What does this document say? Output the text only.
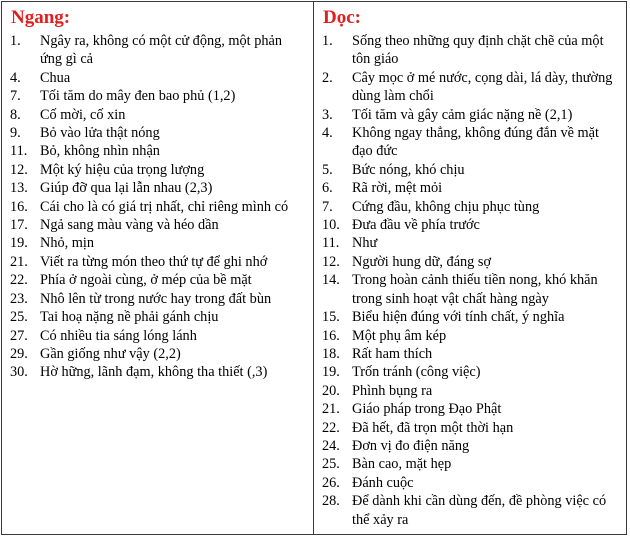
Ngang:
1.	Ngây ra, không có một cử động, một phản ứng gì cả
4.	Chua
7.	Tối tăm do mây đen bao phủ (1,2)
8.	Cố mời, cố xin
9.	Bỏ vào lửa thật nóng
11. Bỏ, không nhìn nhận
12. Một ký hiệu của trọng lượng
13. Giúp đỡ qua lại lẫn nhau (2,3)
16. Cái cho là có giá trị nhất, chỉ riêng mình có
17. Ngả sang màu vàng và héo dần
19. Nhỏ, mịn
21. Viết ra từng món theo thứ tự để ghi nhớ
22. Phía ở ngoài cùng, ở mép của bề mặt
23. Nhô lên từ trong nước hay trong đất bùn
25. Tai hoạ nặng nề phải gánh chịu
27. Có nhiều tia sáng lóng lánh
29. Gần giống như vậy (2,2)
30. Hờ hững, lãnh đạm, không tha thiết (,3)
Dọc:
1.	Sống theo những quy định chặt chẽ của một tôn giáo
2.	Cây mọc ở mé nước, cọng dài, lá dày, thường dùng làm chổi
3.	Tối tăm và gây cảm giác nặng nề (2,1)
4.	Không ngay thẳng, không đúng đắn về mặt đạo đức
5.	Bức nóng, khó chịu
6.	Rã rời, mệt mỏi
7.	Cứng đầu, không chịu phục tùng
10. Đưa đầu về phía trước
11. Như
12. Người hung dữ, đáng sợ
14. Trong hoàn cảnh thiếu tiền nong, khó khăn trong sinh hoạt vật chất hàng ngày
15. Biểu hiện đúng với tính chất, ý nghĩa
16. Một phụ âm kép
18. Rất ham thích
19. Trốn tránh (công việc)
20. Phình bụng ra
21. Giáo pháp trong Đạo Phật
22. Đã hết, đã trọn một thời hạn
24. Đơn vị đo điện năng
25. Bàn cao, mặt hẹp
26. Đánh cuộc
28. Để dành khi cần dùng đến, đề phòng việc có thể xảy ra
